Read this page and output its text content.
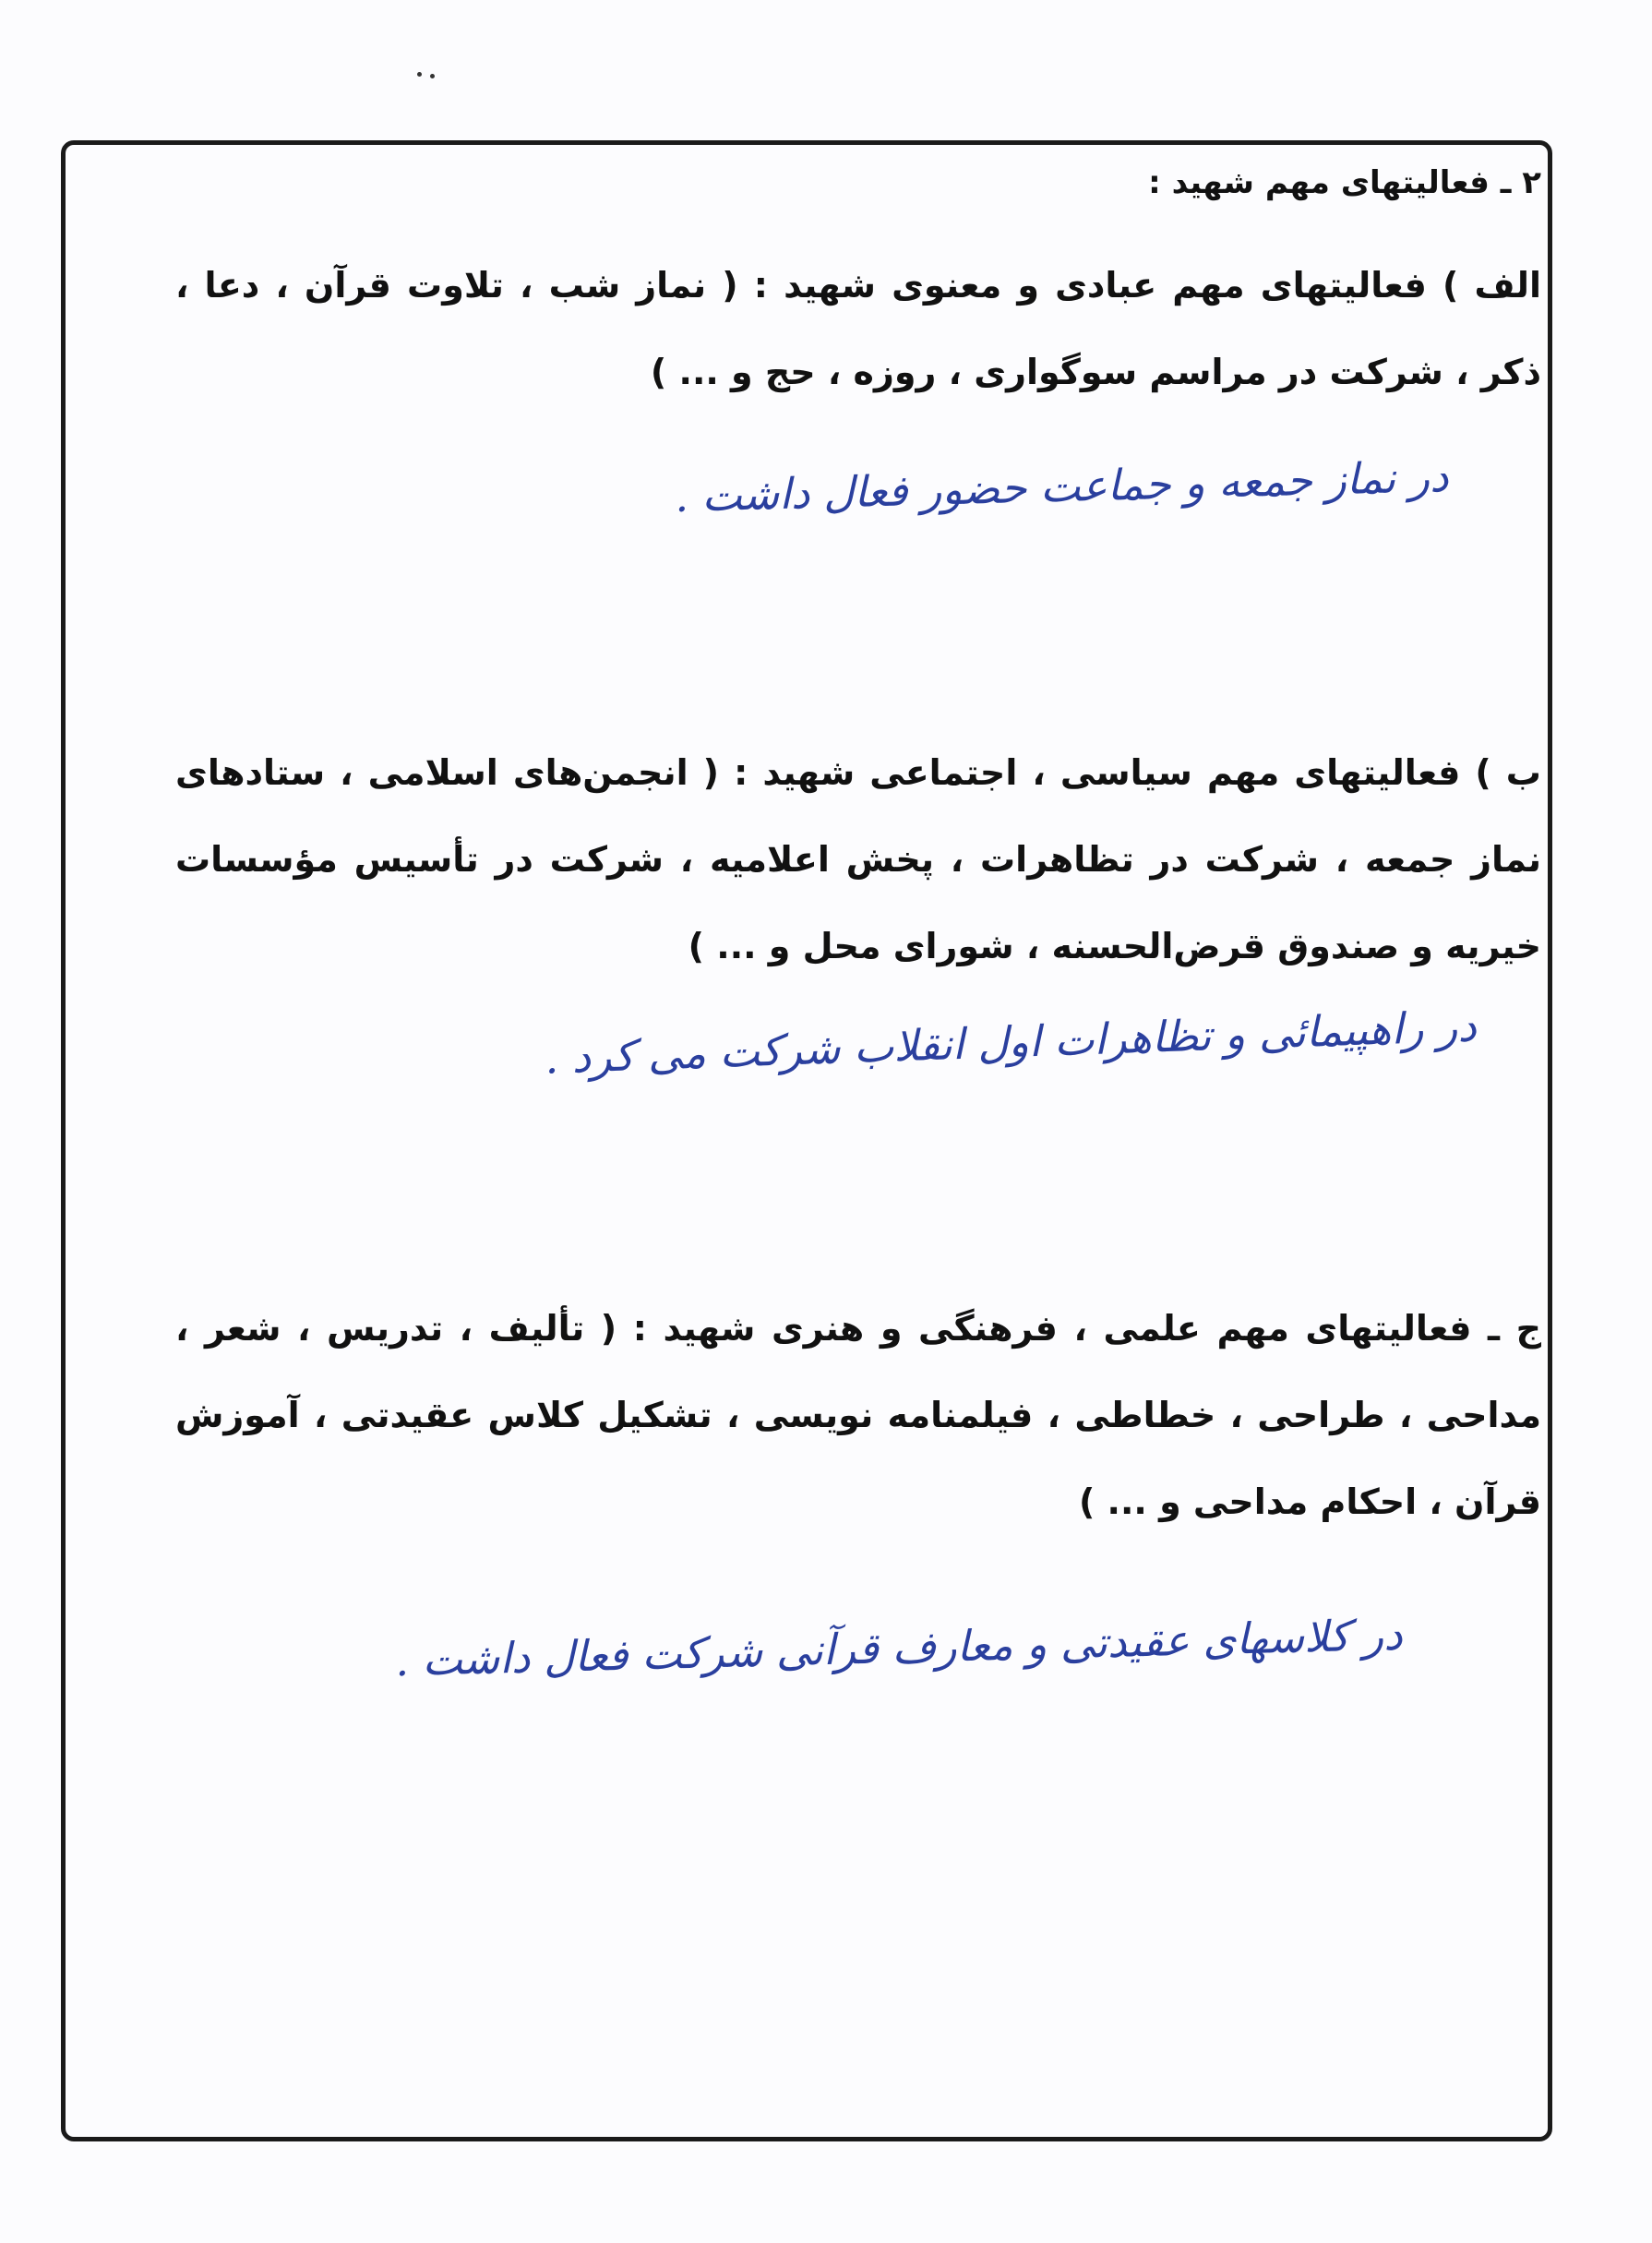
۲ ـ فعالیتهای مهم شهید :
الف ) فعالیتهای مهم عبادی و معنوی شهید : ( نماز شب ، تلاوت قرآن ، دعا ، ذکر ، شرکت در مراسم سوگواری ، روزه ، حج و ... )
در نماز جمعه و جماعت حضور فعال داشت .
ب ) فعالیتهای مهم سیاسی ، اجتماعی شهید : ( انجمن‌های اسلامی ، ستادهای نماز جمعه ، شرکت در تظاهرات ، پخش اعلامیه ، شرکت در تأسیس مؤسسات خیریه و صندوق قرض‌الحسنه ، شورای محل و ... )
در راهپیمائی و تظاهرات اول انقلاب شرکت می کرد .
ج ـ فعالیتهای مهم علمی ، فرهنگی و هنری شهید : ( تألیف ، تدریس ، شعر ، مداحی ، طراحی ، خطاطی ، فیلمنامه نویسی ، تشکیل کلاس عقیدتی ، آموزش قرآن ، احکام مداحی و ... )
در کلاسهای عقیدتی و معارف قرآنی شرکت فعال داشت .
